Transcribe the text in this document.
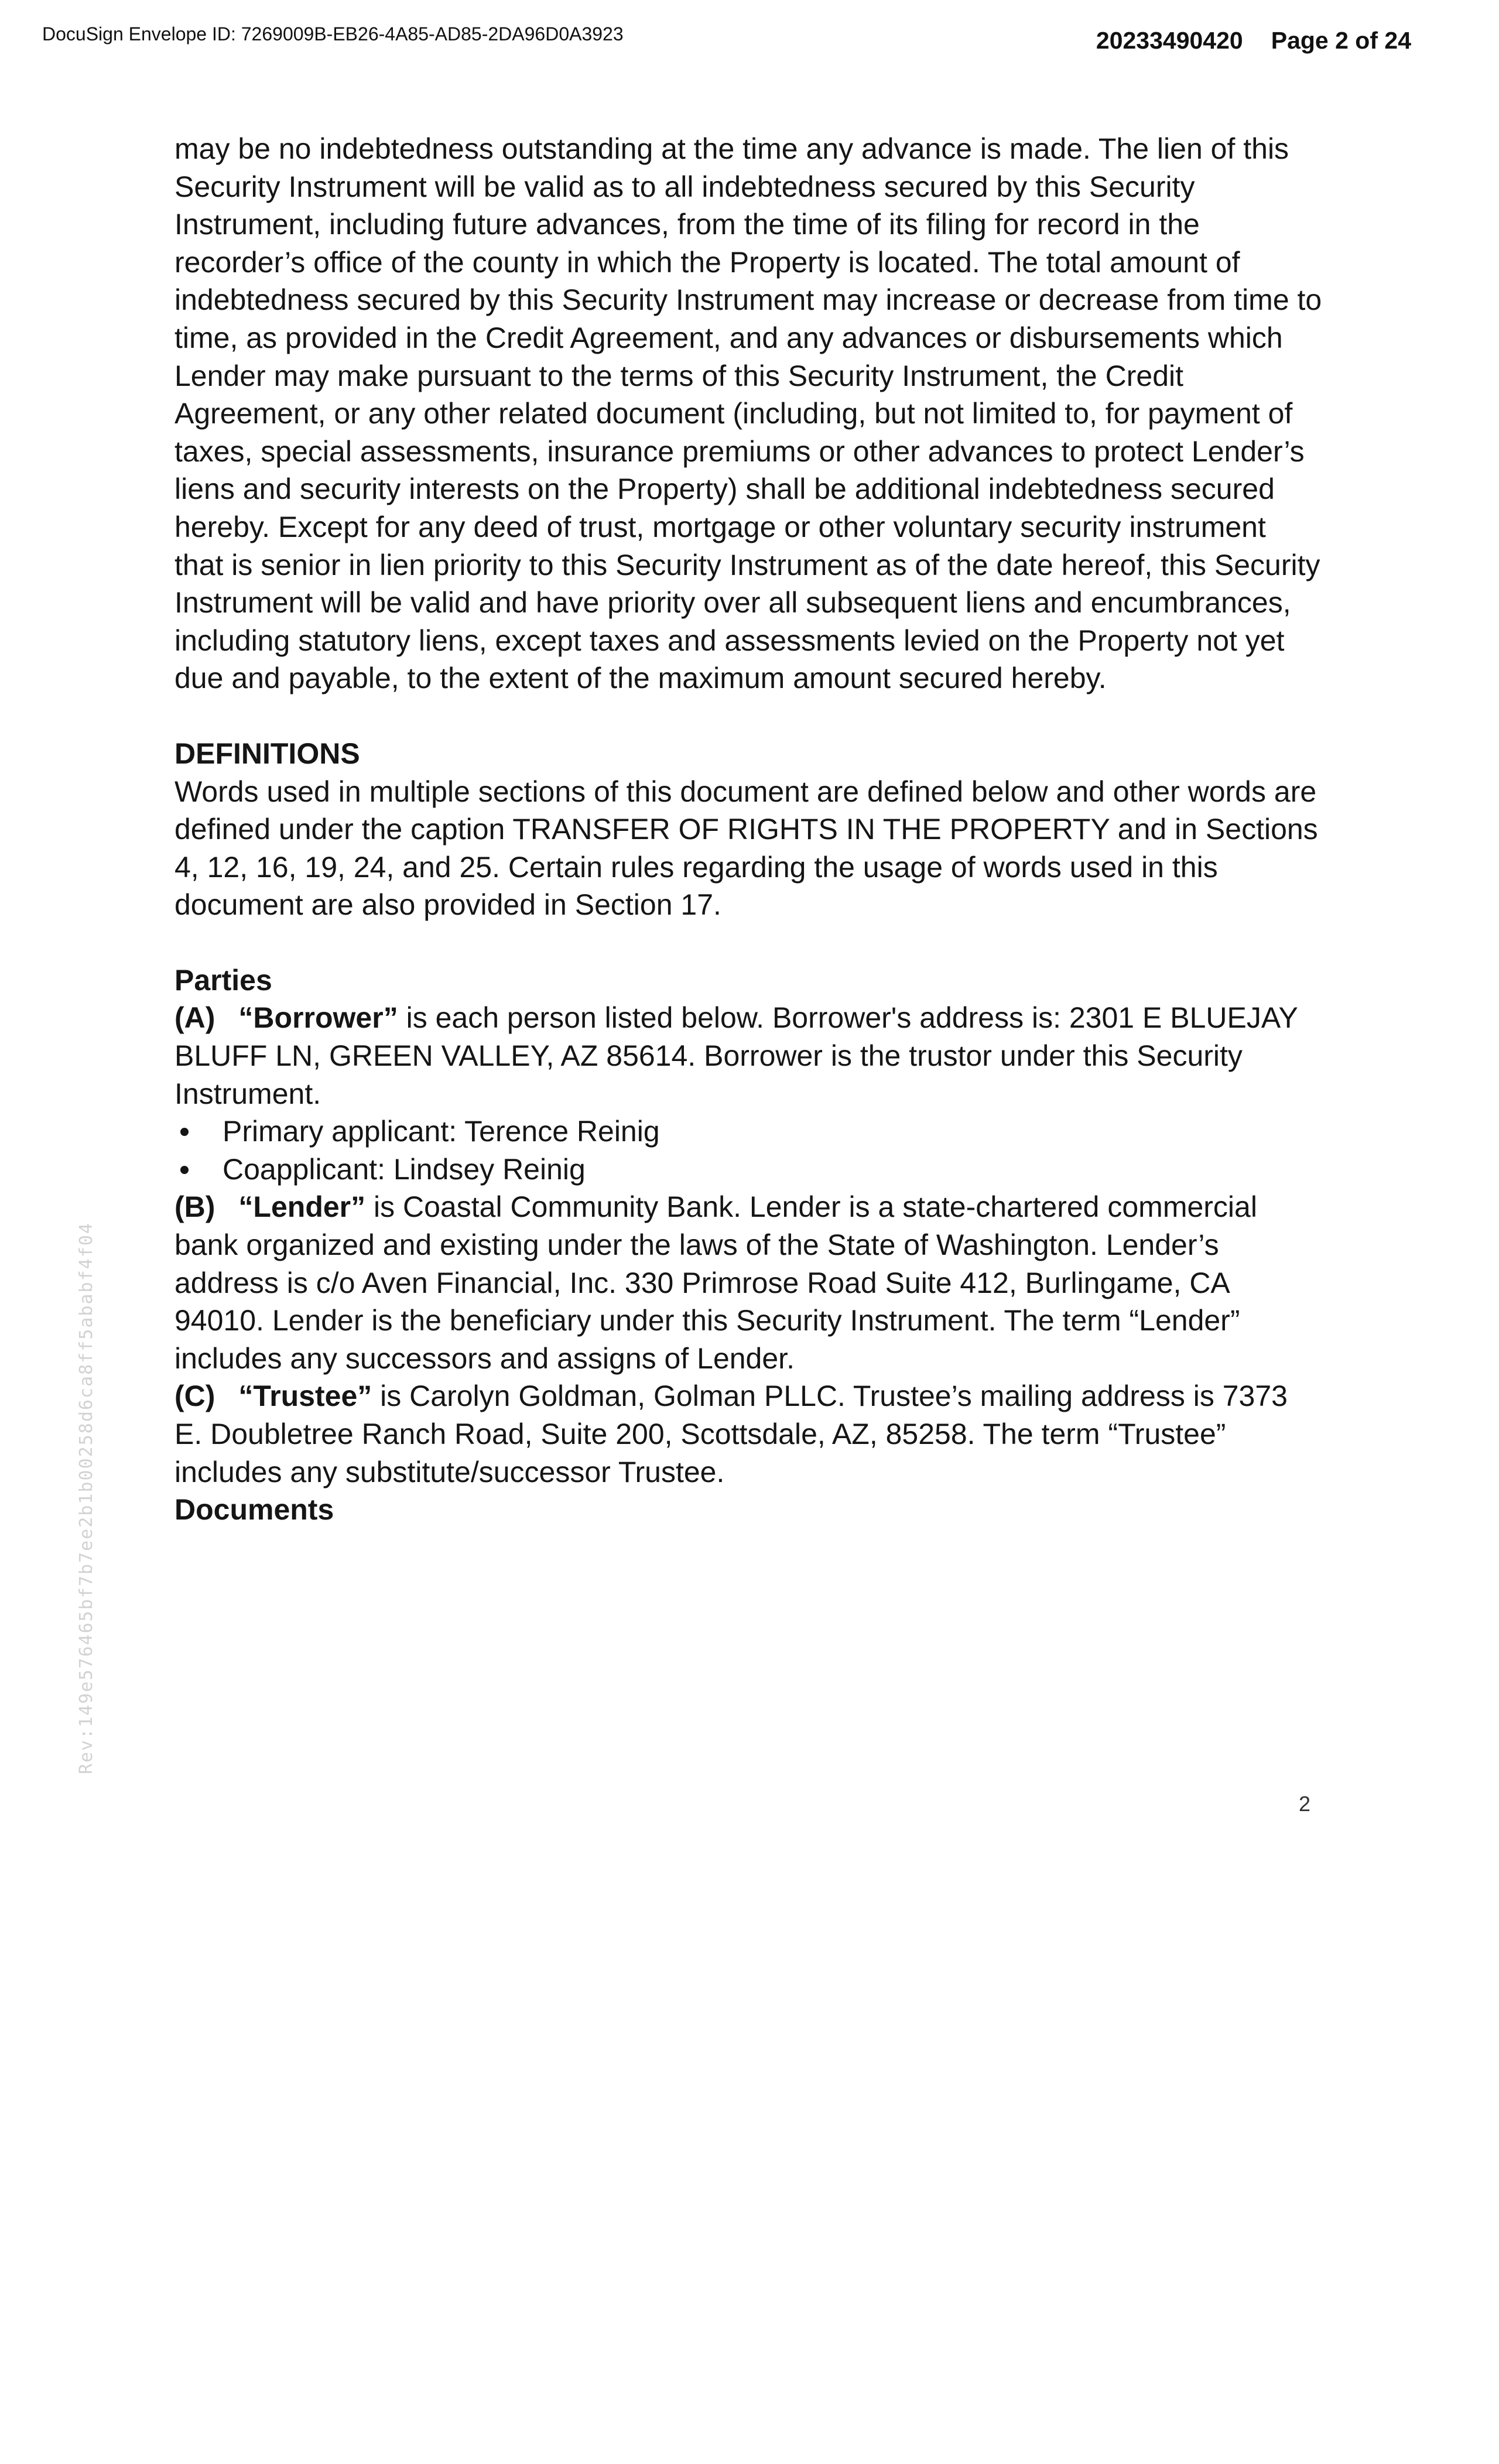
DocuSign Envelope ID: 7269009B-EB26-4A85-AD85-2DA96D0A3923	20233490420 Page 2 of 24
Rev:149e576465bf7b7ee2b1b00258d6ca8ff5ababf4f04

may be no indebtedness outstanding at the time any advance is made. The lien of this Security Instrument will be valid as to all indebtedness secured by this Security Instrument, including future advances, from the time of its filing for record in the recorder’s office of the county in which the Property is located. The total amount of indebtedness secured by this Security Instrument may increase or decrease from time to time, as provided in the Credit Agreement, and any advances or disbursements which Lender may make pursuant to the terms of this Security Instrument, the Credit Agreement, or any other related document (including, but not limited to, for payment of taxes, special assessments, insurance premiums or other advances to protect Lender’s liens and security interests on the Property) shall be additional indebtedness secured hereby. Except for any deed of trust, mortgage or other voluntary security instrument that is senior in lien priority to this Security Instrument as of the date hereof, this Security Instrument will be valid and have priority over all subsequent liens and encumbrances, including statutory liens, except taxes and assessments levied on the Property not yet due and payable, to the extent of the maximum amount secured hereby.

DEFINITIONS

Words used in multiple sections of this document are defined below and other words are defined under the caption TRANSFER OF RIGHTS IN THE PROPERTY and in Sections 4, 12, 16, 19, 24, and 25. Certain rules regarding the usage of words used in this document are also provided in Section 17.

Parties

(A) “Borrower” is each person listed below. Borrower's address is: 2301 E BLUEJAY BLUFF LN, GREEN VALLEY, AZ 85614. Borrower is the trustor under this Security Instrument.

Primary applicant: Terence Reinig
Coapplicant: Lindsey Reinig

(B) “Lender” is Coastal Community Bank. Lender is a state-chartered commercial bank organized and existing under the laws of the State of Washington. Lender’s address is c/o Aven Financial, Inc. 330 Primrose Road Suite 412, Burlingame, CA 94010. Lender is the beneficiary under this Security Instrument. The term “Lender” includes any successors and assigns of Lender.

(C) “Trustee” is Carolyn Goldman, Golman PLLC. Trustee’s mailing address is 7373 E. Doubletree Ranch Road, Suite 200, Scottsdale, AZ, 85258. The term “Trustee” includes any substitute/successor Trustee.

Documents

2
